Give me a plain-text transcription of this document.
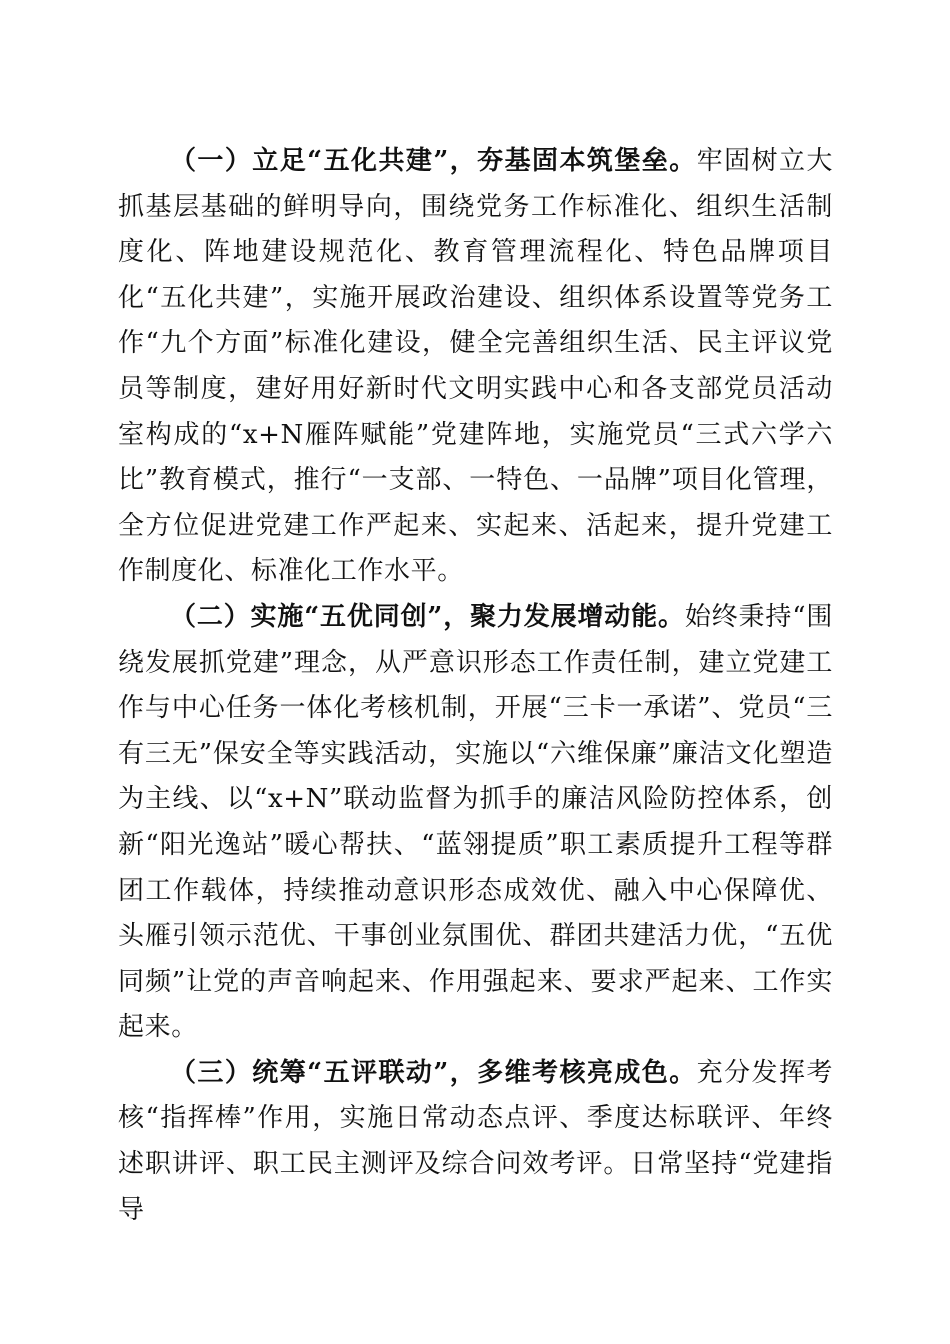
（一）立足“五化共建”，夯基固本筑堡垒。牢固树立大抓基层基础的鲜明导向，围绕党务工作标准化、组织生活制度化、阵地建设规范化、教育管理流程化、特色品牌项目化“五化共建”，实施开展政治建设、组织体系设置等党务工作“九个方面”标准化建设，健全完善组织生活、民主评议党员等制度，建好用好新时代文明实践中心和各支部党员活动室构成的“x+N雁阵赋能”党建阵地，实施党员“三式六学六比”教育模式，推行“一支部、一特色、一品牌”项目化管理，全方位促进党建工作严起来、实起来、活起来，提升党建工作制度化、标准化工作水平。

（二）实施“五优同创”，聚力发展增动能。始终秉持“围绕发展抓党建”理念，从严意识形态工作责任制，建立党建工作与中心任务一体化考核机制，开展“三卡一承诺”、党员“三有三无”保安全等实践活动，实施以“六维保廉”廉洁文化塑造为主线、以“x+N”联动监督为抓手的廉洁风险防控体系，创新“阳光逸站”暖心帮扶、“蓝翎提质”职工素质提升工程等群团工作载体，持续推动意识形态成效优、融入中心保障优、头雁引领示范优、干事创业氛围优、群团共建活力优，“五优同频”让党的声音响起来、作用强起来、要求严起来、工作实起来。

（三）统筹“五评联动”，多维考核亮成色。充分发挥考核“指挥棒”作用，实施日常动态点评、季度达标联评、年终述职讲评、职工民主测评及综合问效考评。日常坚持“党建指导
